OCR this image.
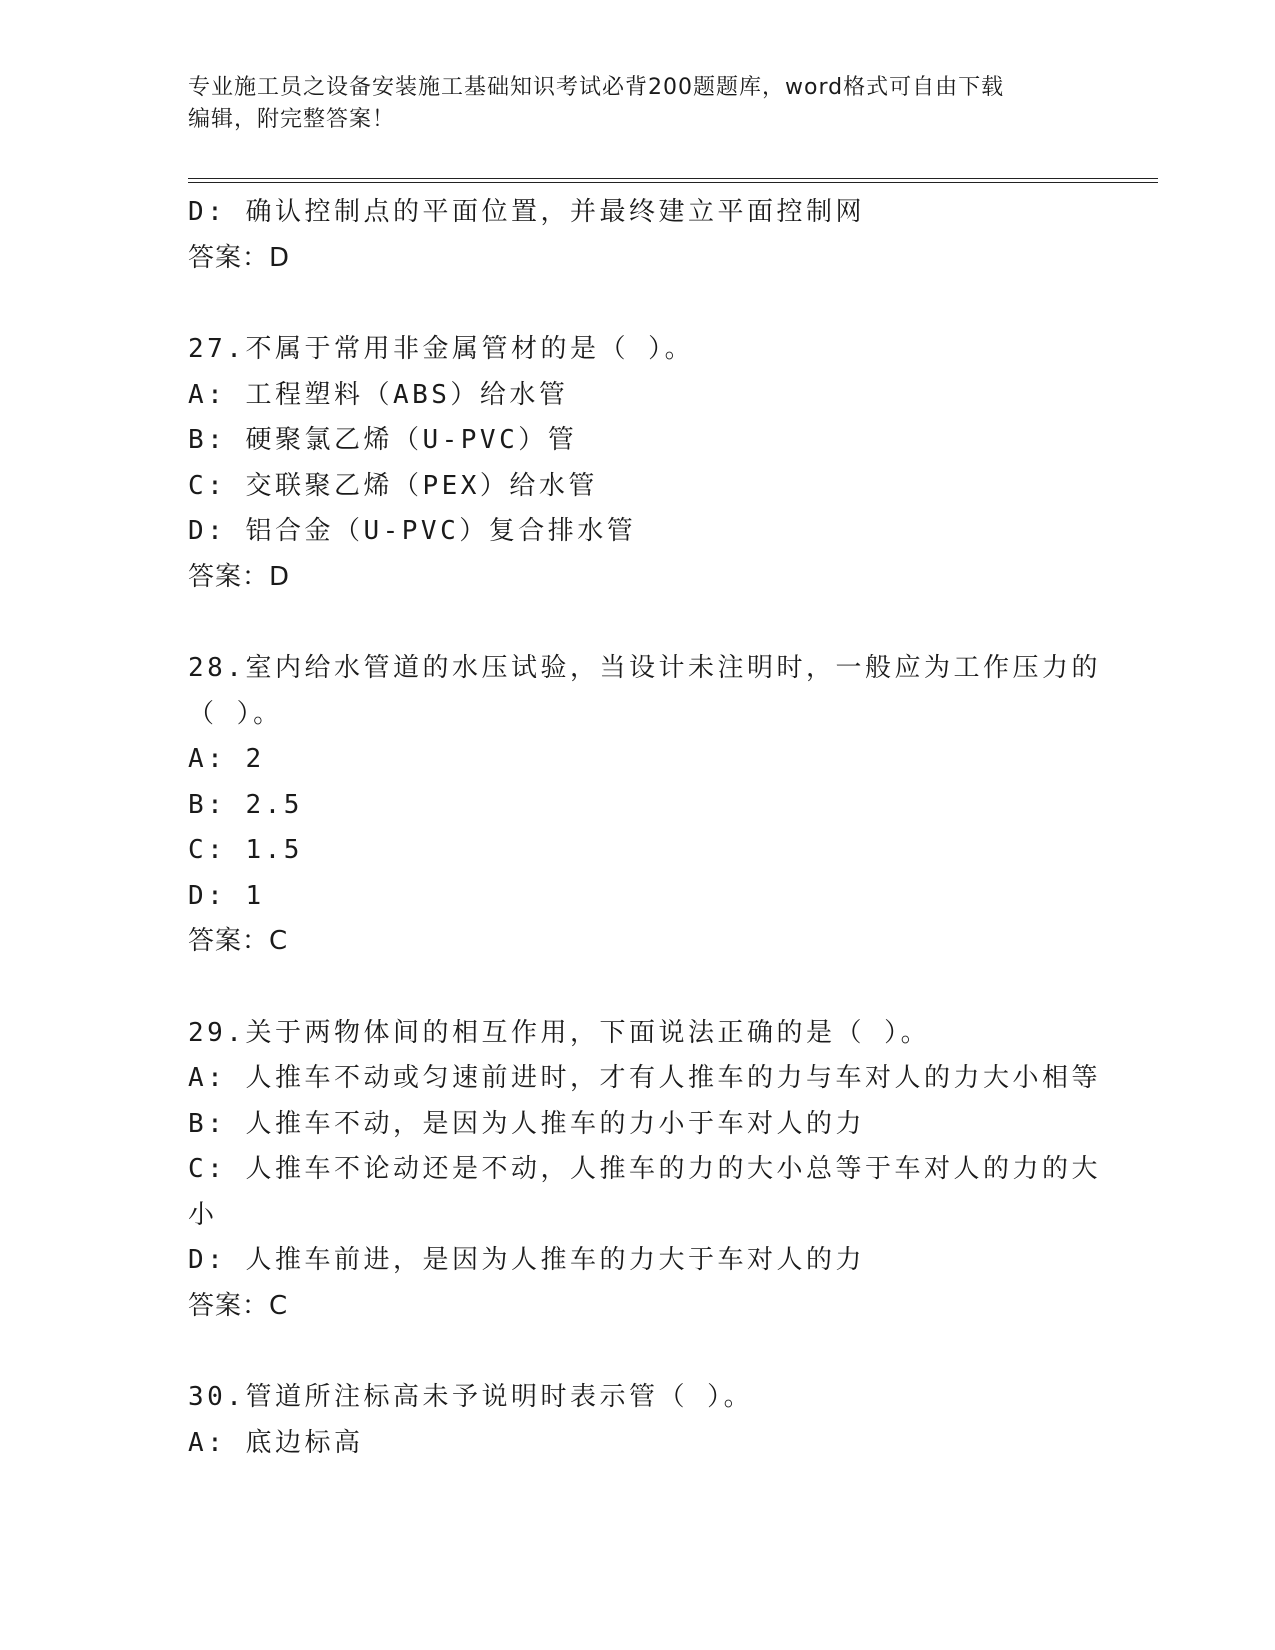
专业施工员之设备安装施工基础知识考试必背200题题库，word格式可自由下载
编辑，附完整答案！
D: 确认控制点的平面位置，并最终建立平面控制网
答案：D
27.不属于常用非金属管材的是（ ）。
A: 工程塑料（ABS）给水管
B: 硬聚氯乙烯（U-PVC）管
C: 交联聚乙烯（PEX）给水管
D: 铝合金（U-PVC）复合排水管
答案：D
28.室内给水管道的水压试验，当设计未注明时，一般应为工作压力的
（ ）。
A: 2
B: 2.5
C: 1.5
D: 1
答案：C
29.关于两物体间的相互作用，下面说法正确的是（ ）。
A: 人推车不动或匀速前进时，才有人推车的力与车对人的力大小相等
B: 人推车不动，是因为人推车的力小于车对人的力
C: 人推车不论动还是不动，人推车的力的大小总等于车对人的力的大
小
D: 人推车前进，是因为人推车的力大于车对人的力
答案：C
30.管道所注标高未予说明时表示管（ ）。
A: 底边标高
